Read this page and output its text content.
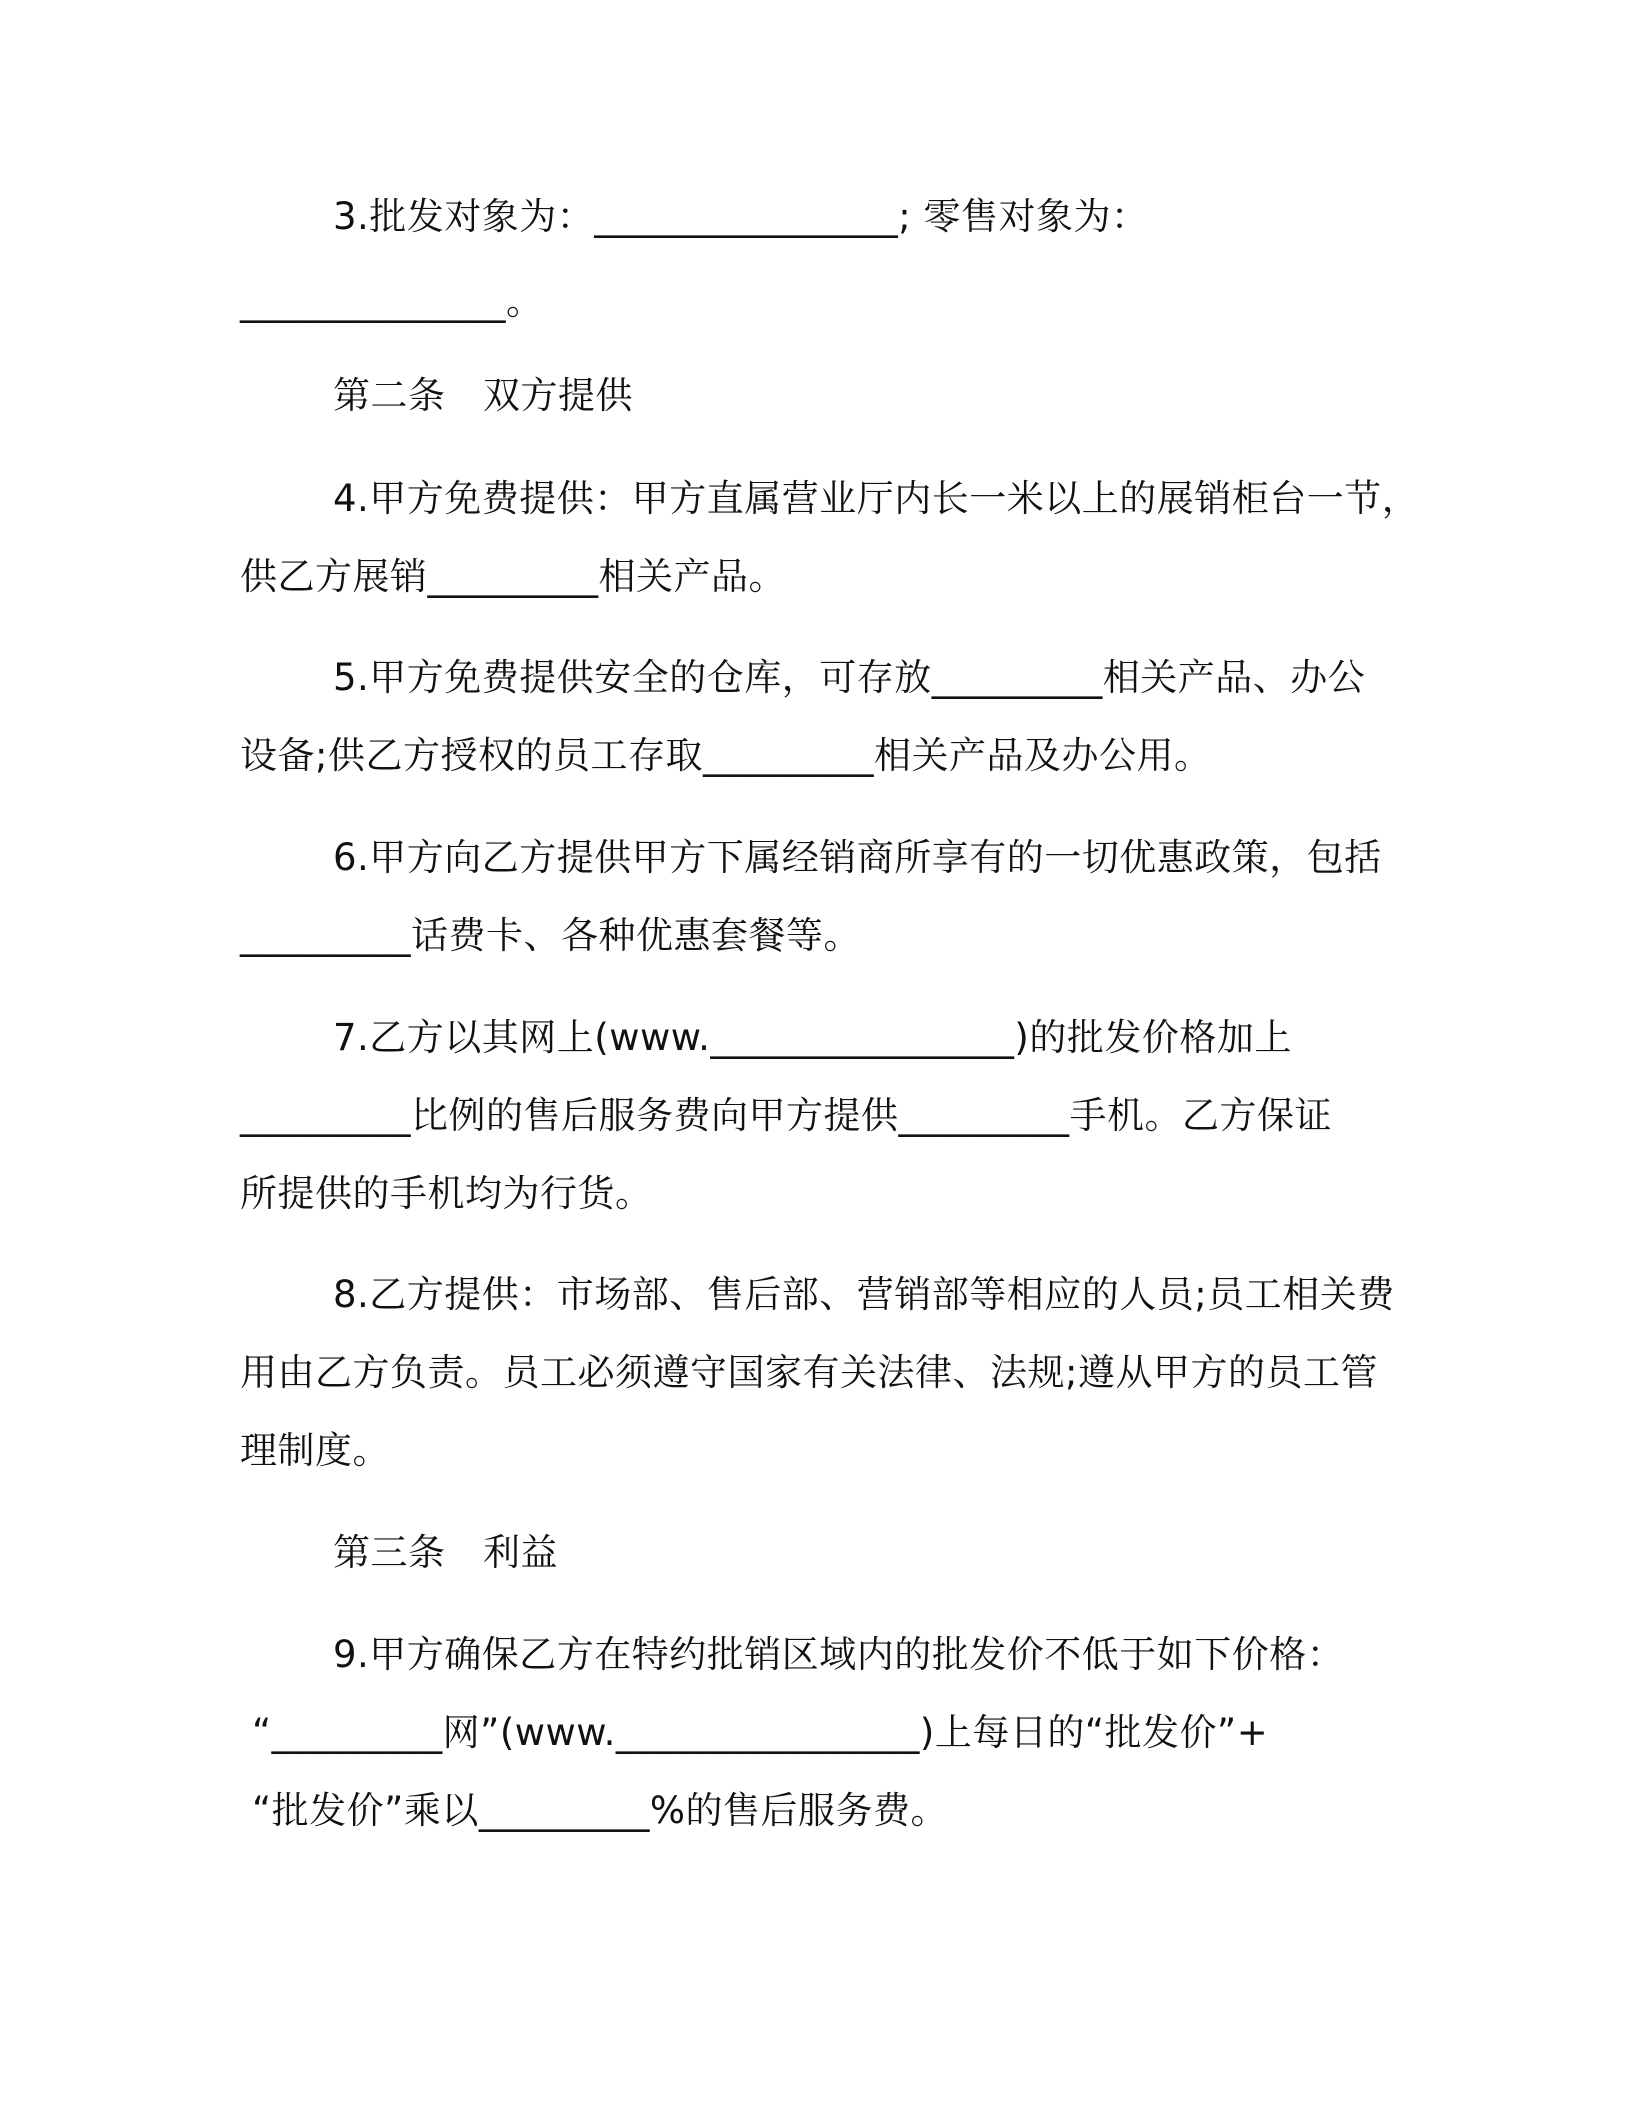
3.批发对象为：________________; 零售对象为：
______________。
第二条　双方提供
4.甲方免费提供：甲方直属营业厅内长一米以上的展销柜台一节，
供乙方展销_________相关产品。
5.甲方免费提供安全的仓库，可存放_________相关产品、办公
设备;供乙方授权的员工存取_________相关产品及办公用。
6.甲方向乙方提供甲方下属经销商所享有的一切优惠政策，包括
_________话费卡、各种优惠套餐等。
7.乙方以其网上(www.________________)的批发价格加上
_________比例的售后服务费向甲方提供_________手机。乙方保证
所提供的手机均为行货。
8.乙方提供：市场部、售后部、营销部等相应的人员;员工相关费
用由乙方负责。员工必须遵守国家有关法律、法规;遵从甲方的员工管
理制度。
第三条　利益
9.甲方确保乙方在特约批销区域内的批发价不低于如下价格：
“_________网”(www.________________)上每日的“批发价”+
“批发价”乘以_________%的售后服务费。
